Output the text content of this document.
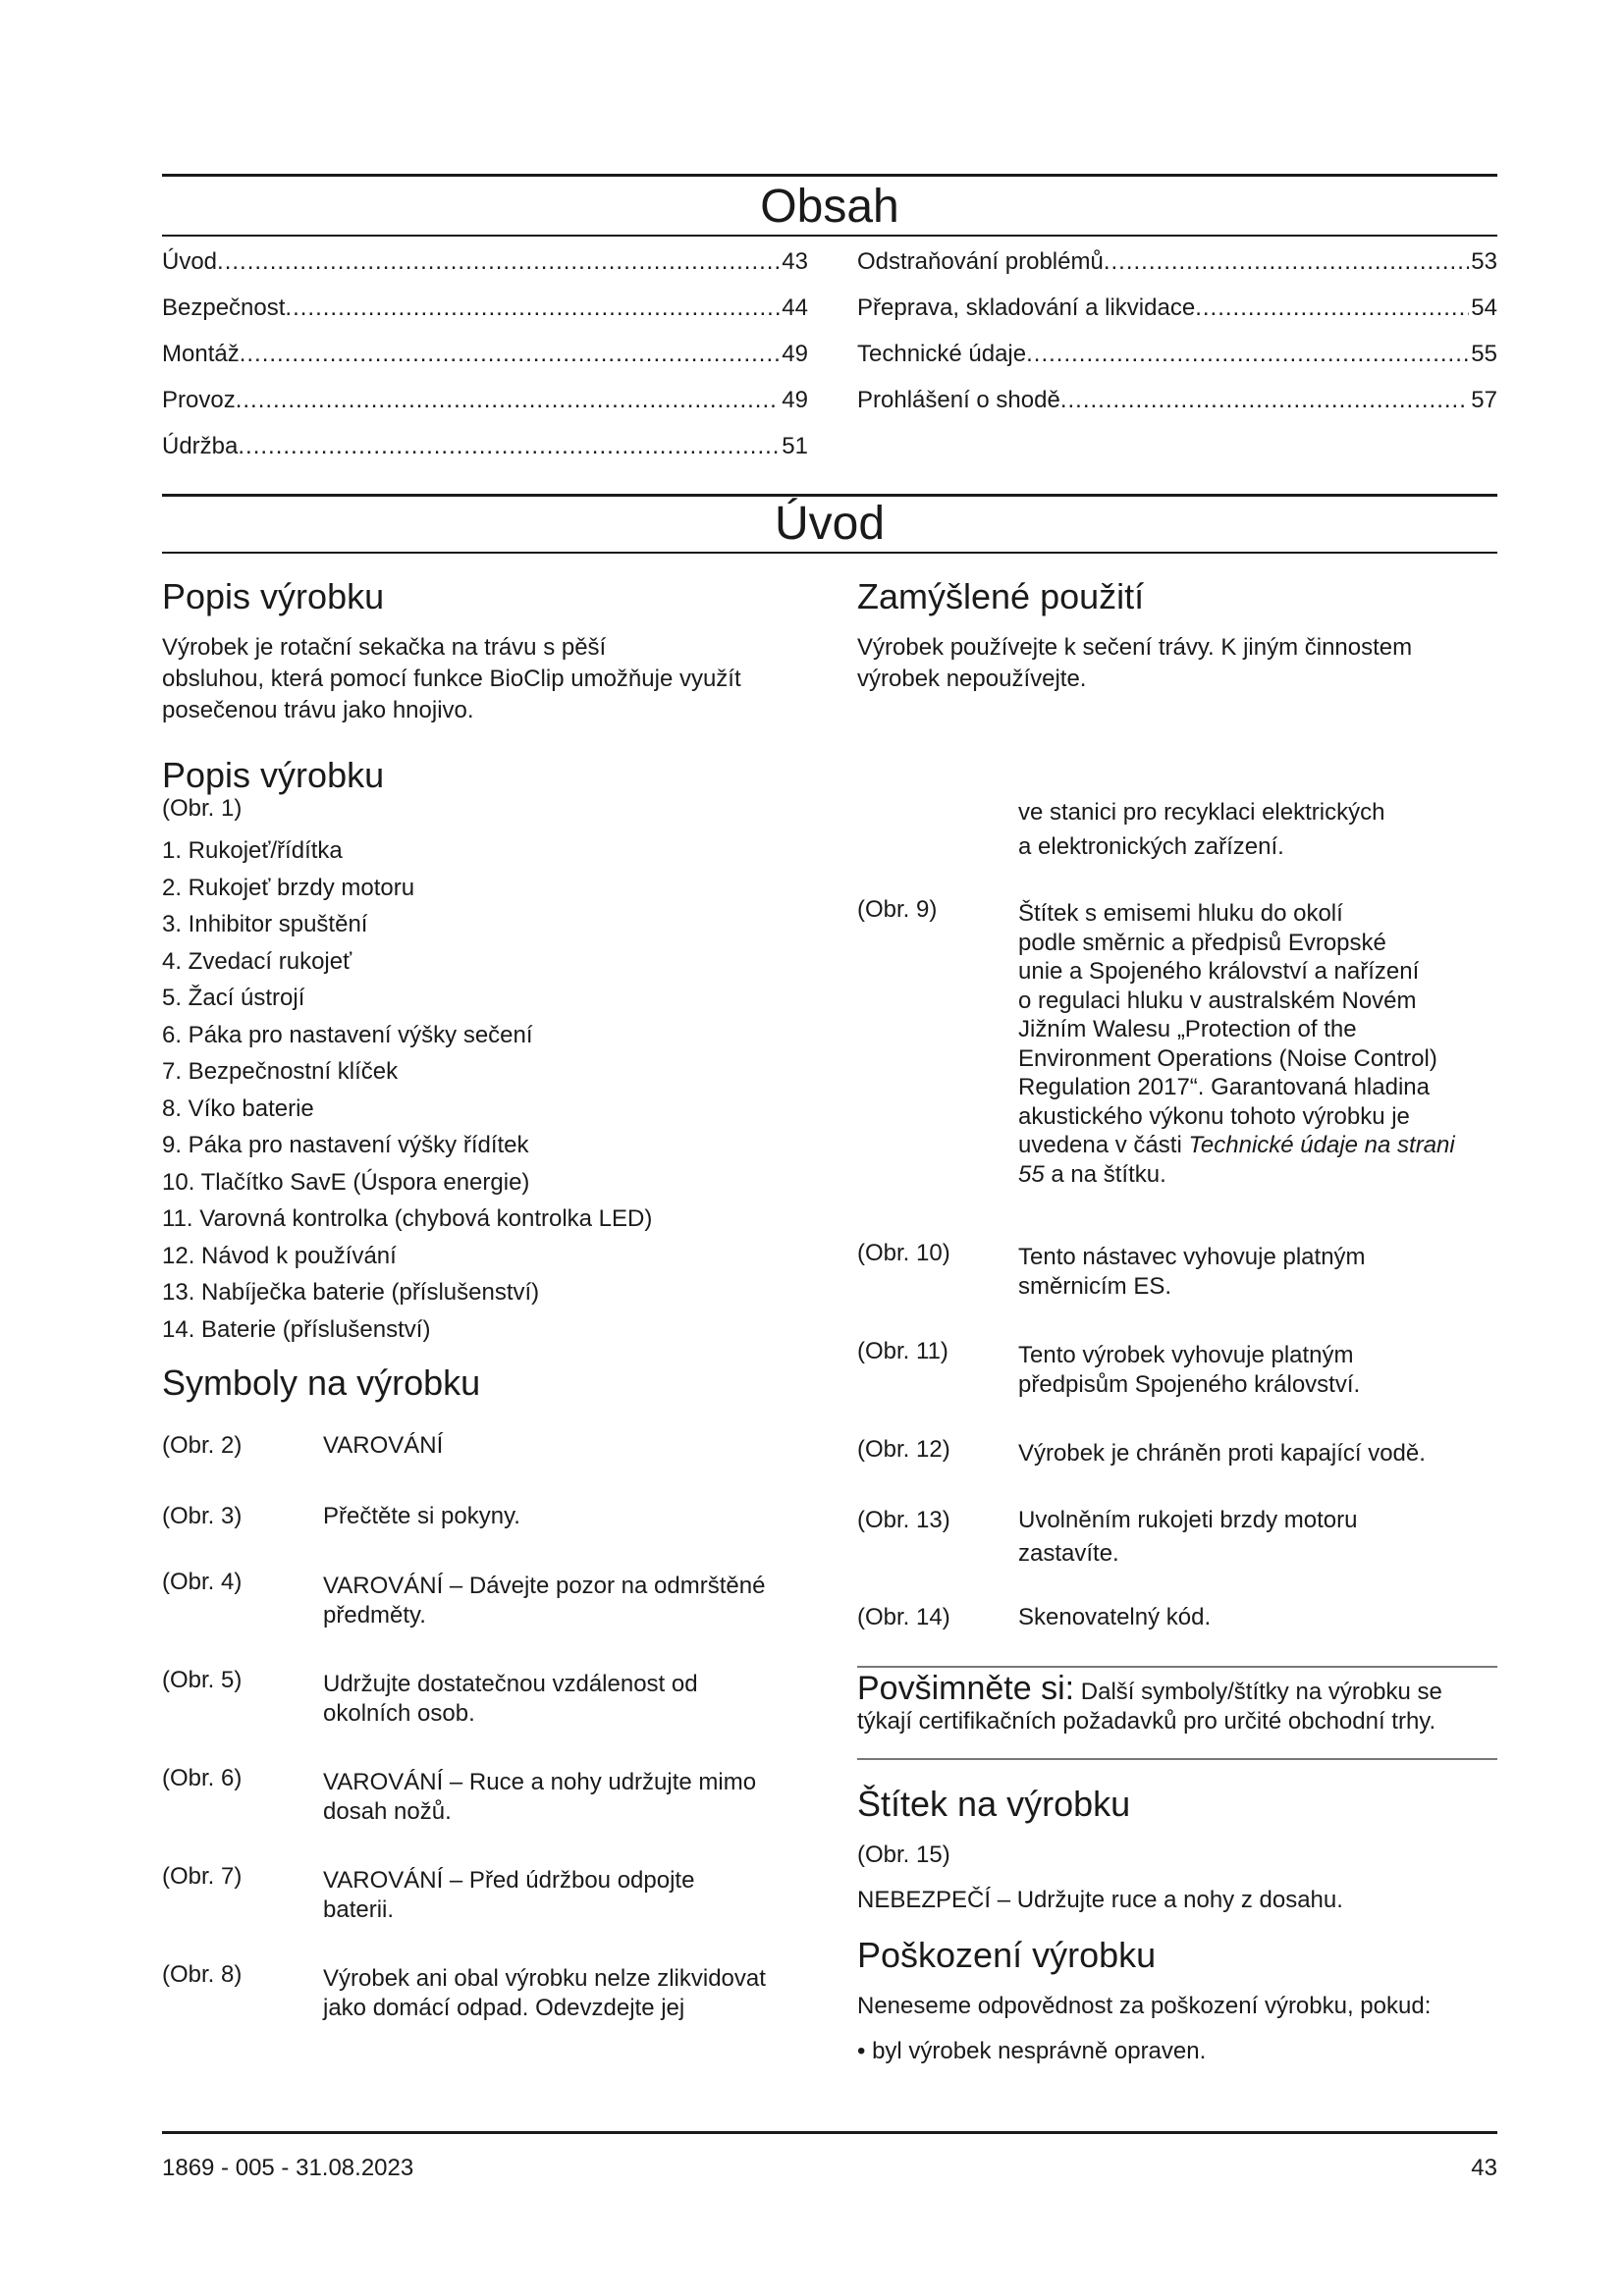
Obsah
Úvod .....	43
Bezpečnost .....	44
Montáž .....	49
Provoz .....	49
Údržba .....	51
Odstraňování problémů .....	53
Přeprava, skladování a likvidace .....	54
Technické údaje .....	55
Prohlášení o shodě .....	57
Úvod
Popis výrobku

Výrobek je rotační sekačka na trávu s pěší

obsluhou, která pomocí funkce BioClip umožňuje využít

posečenou trávu jako hnojivo.

Zamýšlené použití

Výrobek používejte k sečení trávy. K jiným činnostem

výrobek nepoužívejte.

Popis výrobku

(Obr. 1)

1. Rukojeť/řídítka
2. Rukojeť brzdy motoru
3. Inhibitor spuštění
4. Zvedací rukojeť
5. Žací ústrojí
6. Páka pro nastavení výšky sečení
7. Bezpečnostní klíček
8. Víko baterie
9. Páka pro nastavení výšky řídítek
10. Tlačítko SavE (Úspora energie)
11. Varovná kontrolka (chybová kontrolka LED)
12. Návod k používání
13. Nabíječka baterie (příslušenství)
14. Baterie (příslušenství)
Symboly na výrobku
(Obr. 2)	VAROVÁNÍ
(Obr. 3)	Přečtěte si pokyny.
(Obr. 4)	VAROVÁNÍ – Dávejte pozor na odmrštěné
předměty.
(Obr. 5)	Udržujte dostatečnou vzdálenost od
okolních osob.
(Obr. 6)	VAROVÁNÍ – Ruce a nohy udržujte mimo
dosah nožů.
(Obr. 7)	VAROVÁNÍ – Před údržbou odpojte
baterii.
(Obr. 8)	Výrobek ani obal výrobku nelze zlikvidovat
jako domácí odpad. Odevzdejte jej
ve stanici pro recyklaci elektrických
a elektronických zařízení.
(Obr. 9)	Štítek s emisemi hluku do okolí
podle směrnic a předpisů Evropské
unie a Spojeného království a nařízení
o regulaci hluku v australském Novém
Jižním Walesu „Protection of the
Environment Operations (Noise Control)
Regulation 2017“. Garantovaná hladina
akustického výkonu tohoto výrobku je
uvedena v části Technické údaje na strani
55 a na štítku.
(Obr. 10)	Tento nástavec vyhovuje platným
směrnicím ES.
(Obr. 11)	Tento výrobek vyhovuje platným
předpisům Spojeného království.
(Obr. 12)	Výrobek je chráněn proti kapající vodě.
(Obr. 13)	Uvolněním rukojeti brzdy motoru
zastavíte.
(Obr. 14)	Skenovatelný kód.
Povšimněte si: Další symboly/štítky na výrobku se
týkají certifikačních požadavků pro určité obchodní trhy.
Štítek na výrobku

(Obr. 15)

NEBEZPEČÍ – Udržujte ruce a nohy z dosahu.

Poškození výrobku

Neneseme odpovědnost za poškození výrobku, pokud:

• byl výrobek nesprávně opraven.

1869 - 005 - 31.08.2023	43
